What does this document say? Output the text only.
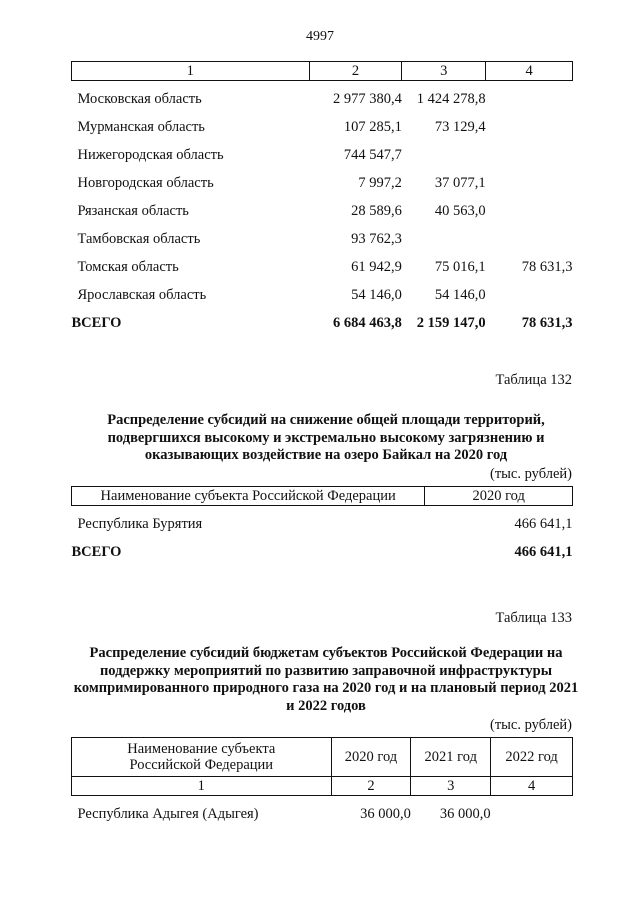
4997
1	2	3	4

Московская область	2 977 380,4	1 424 278,8	
Мурманская область	107 285,1	73 129,4	
Нижегородская область	744 547,7		
Новгородская область	7 997,2	37 077,1	
Рязанская область	28 589,6	40 563,0	
Тамбовская область	93 762,3		
Томская область	61 942,9	75 016,1	78 631,3
Ярославская область	54 146,0	54 146,0	
ВСЕГО	6 684 463,8	2 159 147,0	78 631,3
Таблица 132
Распределение субсидий на снижение общей площади территорий, подвергшихся высокому и экстремально высокому загрязнению и оказывающих воздействие на озеро Байкал на 2020 год
(тыс. рублей)
Наименование субъекта Российской Федерации	2020 год

Республика Бурятия	466 641,1
ВСЕГО	466 641,1
Таблица 133
Распределение субсидий бюджетам субъектов Российской Федерации на поддержку мероприятий по развитию заправочной инфраструктуры компримированного природного газа на 2020 год и на плановый период 2021 и 2022 годов
(тыс. рублей)
Наименование субъекта Российской Федерации	2020 год	2021 год	2022 год
1	2	3	4

Республика Адыгея (Адыгея)	36 000,0	36 000,0	
